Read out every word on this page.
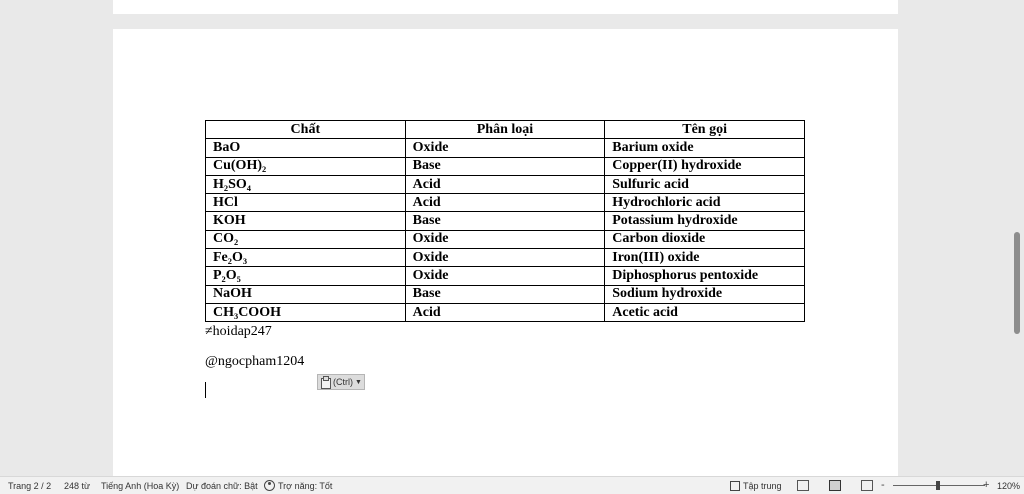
Chất	Phân loại	Tên gọi
BaO	Oxide	Barium oxide
Cu(OH)₂	Base	Copper(II) hydroxide
H₂SO₄	Acid	Sulfuric acid
HCl	Acid	Hydrochloric acid
KOH	Base	Potassium hydroxide
CO₂	Oxide	Carbon dioxide
Fe₂O₃	Oxide	Iron(III) oxide
P₂O₅	Oxide	Diphosphorus pentoxide
NaOH	Base	Sodium hydroxide
CH₃COOH	Acid	Acetic acid
≠hoidap247
@ngocpham1204
(Ctrl) ▼
Trang 2 / 2 248 từ Tiếng Anh (Hoa Kỳ) Dự đoán chữ: Bật Trợ năng: Tốt	Tập trung	-	+ 120%
